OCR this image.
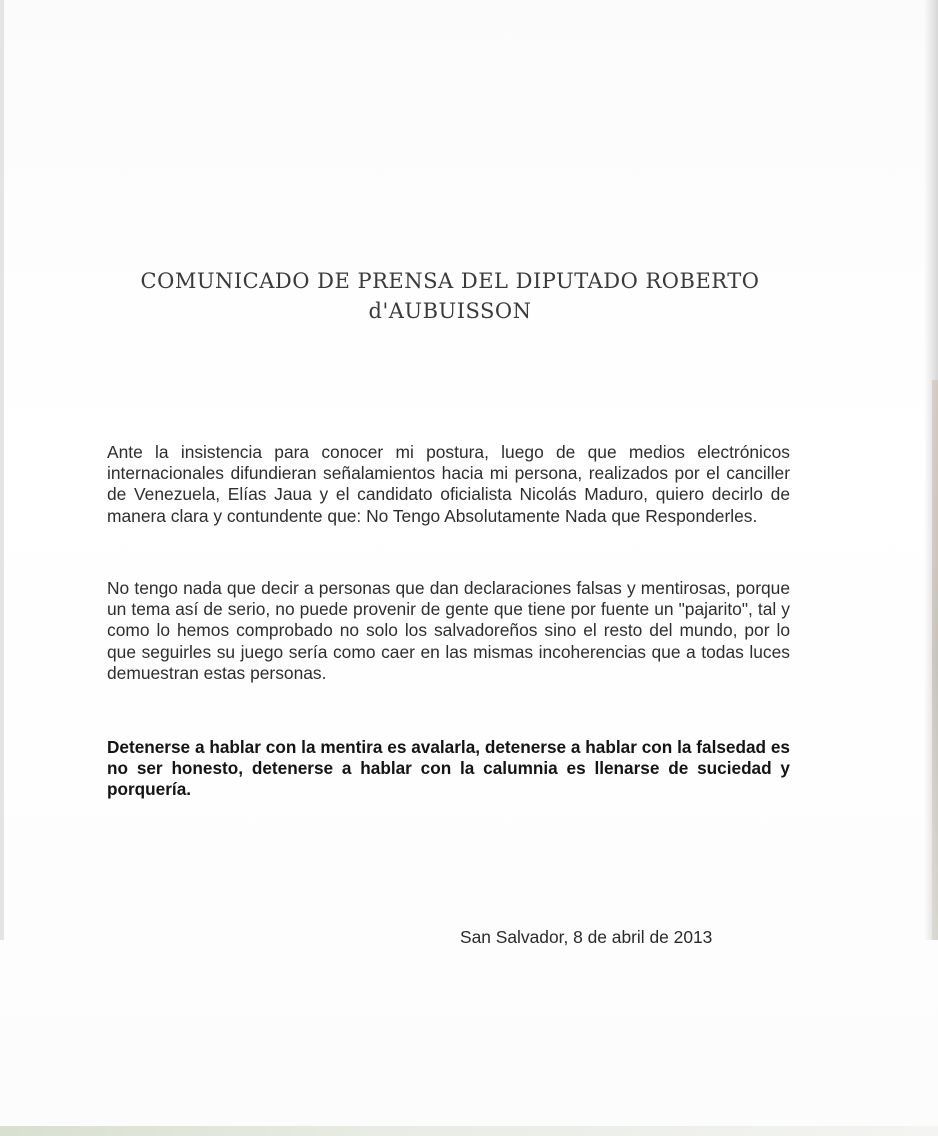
COMUNICADO DE PRENSA DEL DIPUTADO ROBERTO
d'AUBUISSON
Ante la insistencia para conocer mi postura, luego de que medios electrónicos internacionales difundieran señalamientos hacia mi persona, realizados por el canciller de Venezuela, Elías Jaua y el candidato oficialista Nicolás Maduro, quiero decirlo de manera clara y contundente que: No Tengo Absolutamente Nada que Responderles.
No tengo nada que decir a personas que dan declaraciones falsas y mentirosas, porque un tema así de serio, no puede provenir de gente que tiene por fuente un "pajarito", tal y como lo hemos comprobado no solo los salvadoreños sino el resto del mundo, por lo que seguirles su juego sería como caer en las mismas incoherencias que a todas luces demuestran estas personas.
Detenerse a hablar con la mentira es avalarla, detenerse a hablar con la falsedad es no ser honesto, detenerse a hablar con la calumnia es llenarse de suciedad y porquería.
San Salvador, 8 de abril de 2013
